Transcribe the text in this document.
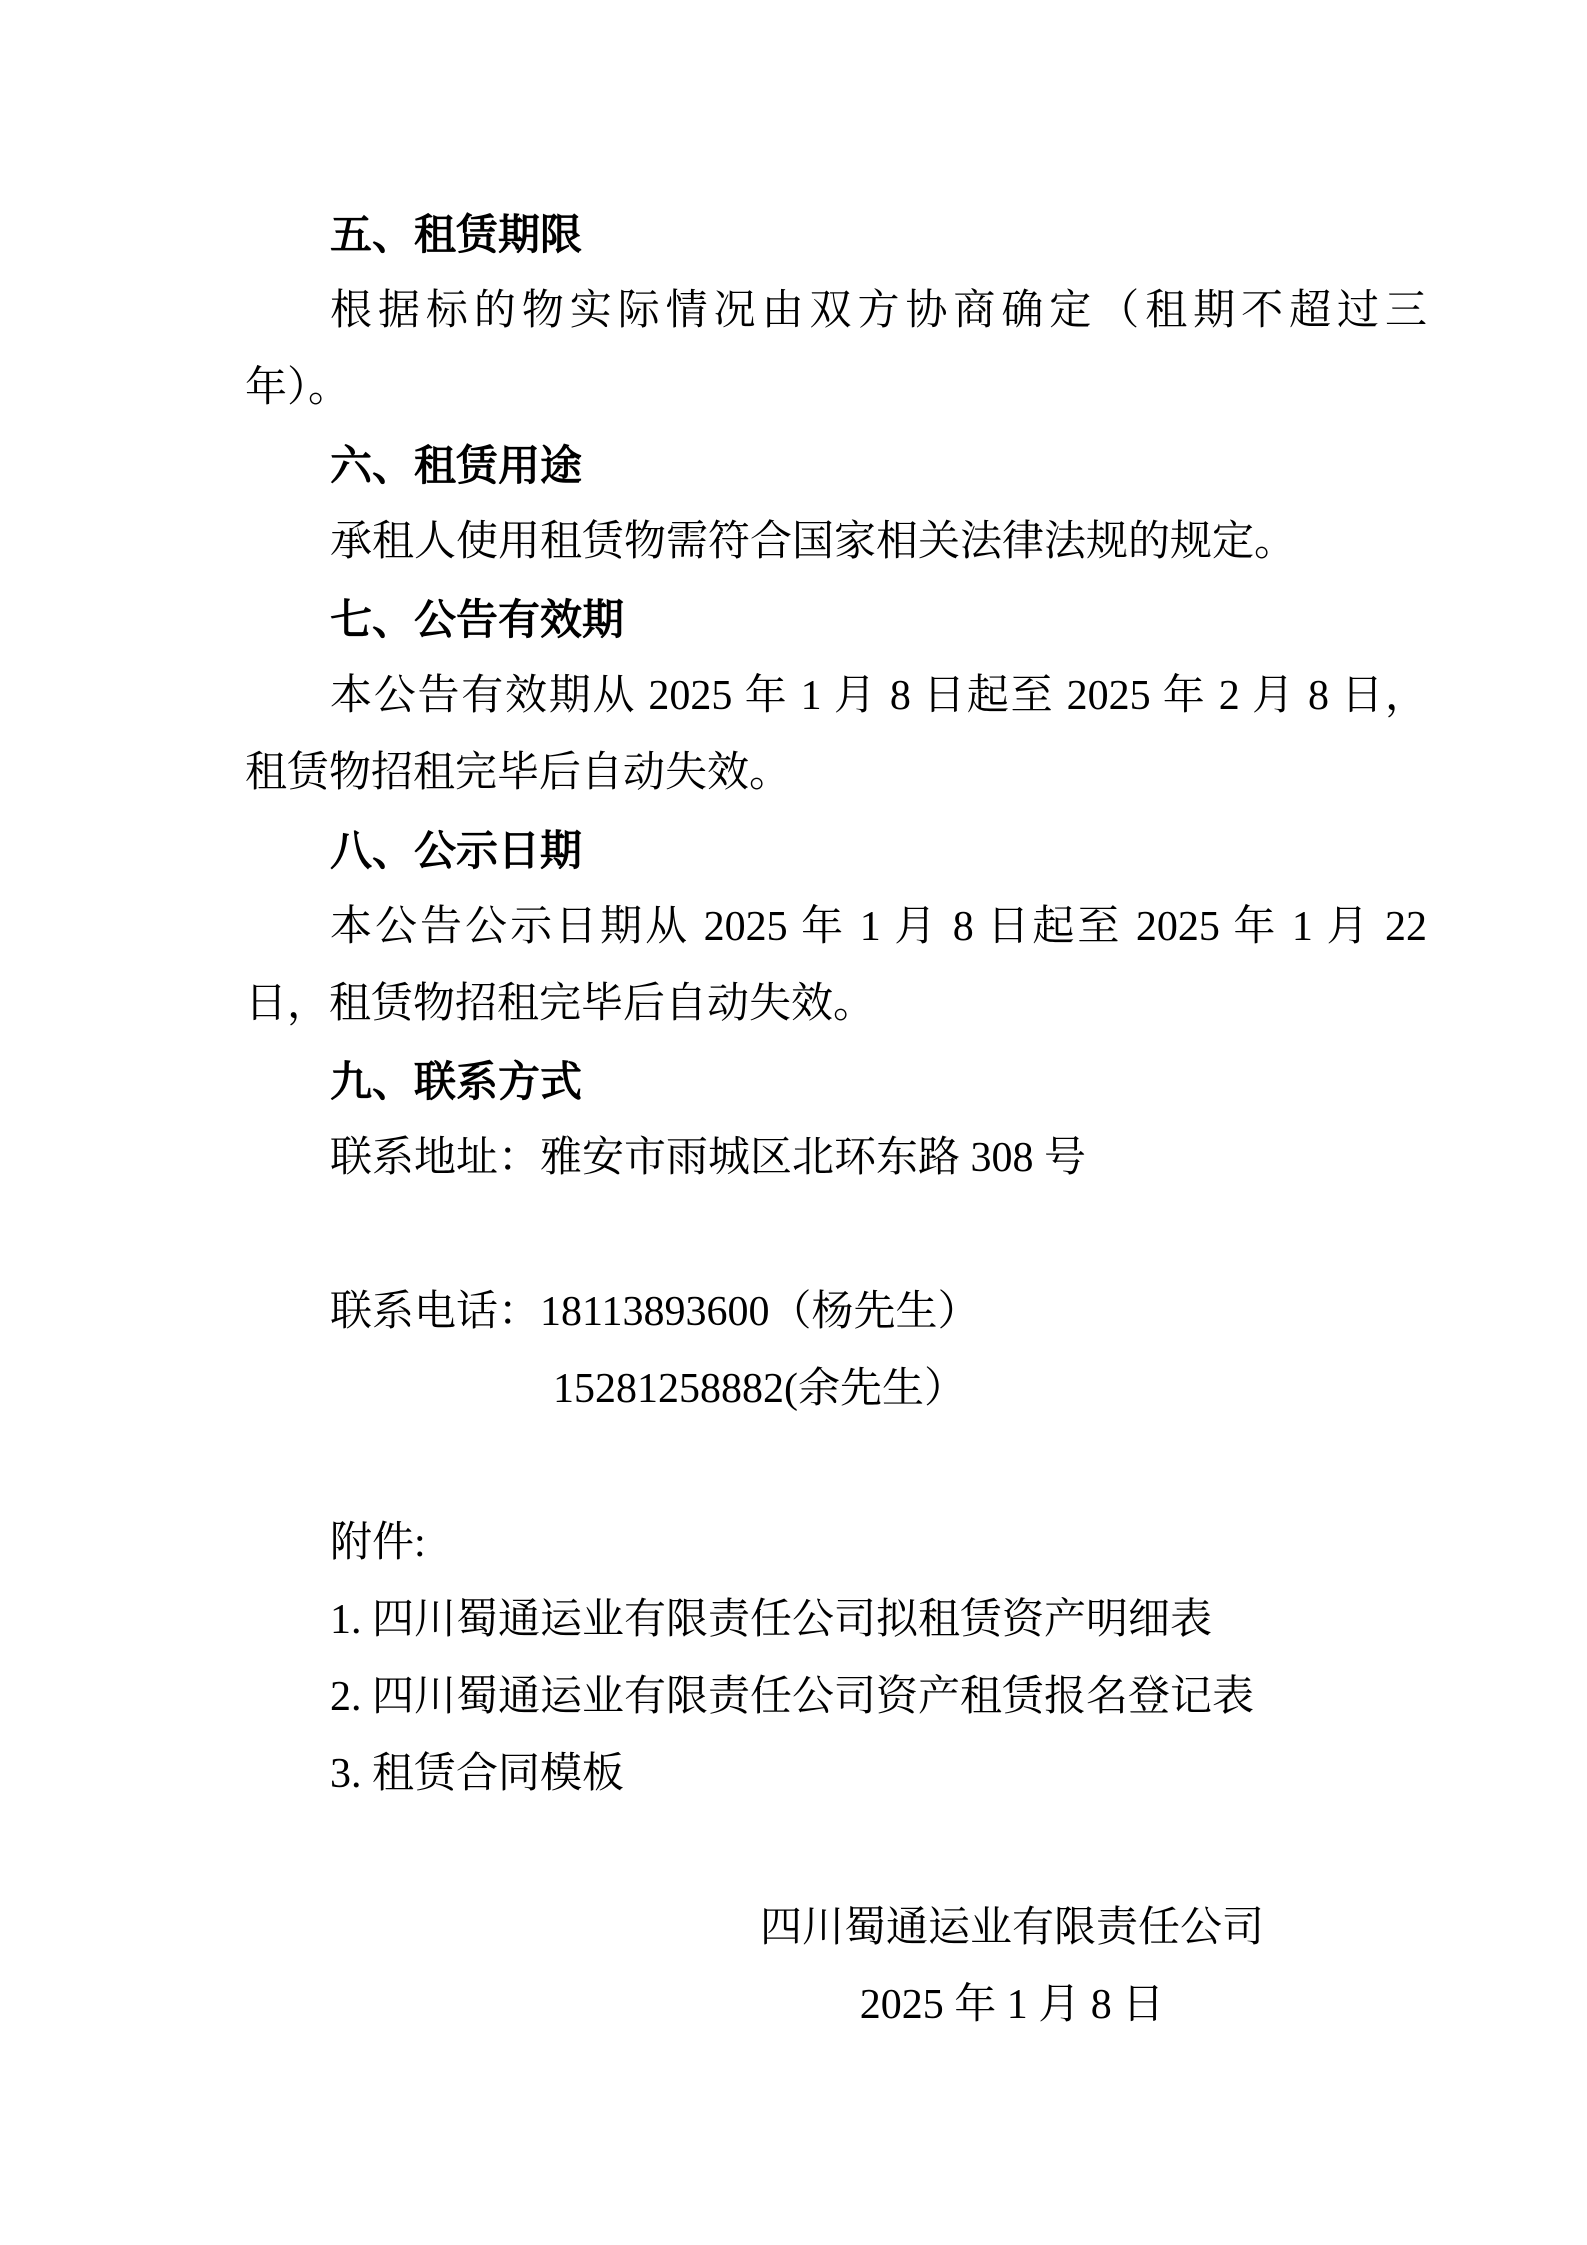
五、租赁期限
根据标的物实际情况由双方协商确定（租期不超过三
年）。
六、租赁用途
承租人使用租赁物需符合国家相关法律法规的规定。
七、公告有效期
本公告有效期从 2025 年 1 月 8 日起至 2025 年 2 月 8 日，
租赁物招租完毕后自动失效。
八、公示日期
本公告公示日期从 2025 年 1 月 8 日起至 2025 年 1 月 22
日，租赁物招租完毕后自动失效。
九、联系方式
联系地址：雅安市雨城区北环东路 308 号
联系电话：18113893600（杨先生）
15281258882(余先生）
附件:
1. 四川蜀通运业有限责任公司拟租赁资产明细表
2. 四川蜀通运业有限责任公司资产租赁报名登记表
3. 租赁合同模板
四川蜀通运业有限责任公司
2025 年 1 月 8 日
